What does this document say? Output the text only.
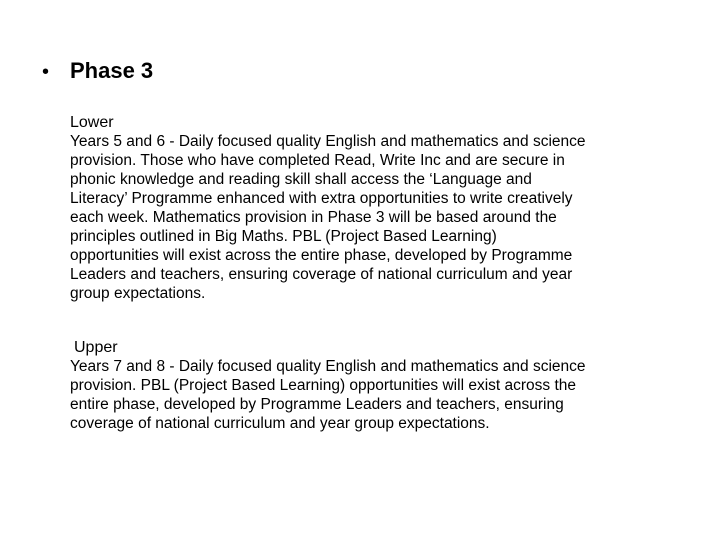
• Phase 3

Lower

Years 5 and 6 - Daily focused quality English and mathematics and science
provision. Those who have completed Read, Write Inc and are secure in
phonic knowledge and reading skill shall access the ‘Language and
Literacy’ Programme enhanced with extra opportunities to write creatively
each week. Mathematics provision in Phase 3 will be based around the
principles outlined in Big Maths. PBL (Project Based Learning)
opportunities will exist across the entire phase, developed by Programme
Leaders and teachers, ensuring coverage of national curriculum and year
group expectations.

Upper

Years 7 and 8 - Daily focused quality English and mathematics and science
provision. PBL (Project Based Learning) opportunities will exist across the
entire phase, developed by Programme Leaders and teachers, ensuring
coverage of national curriculum and year group expectations.
